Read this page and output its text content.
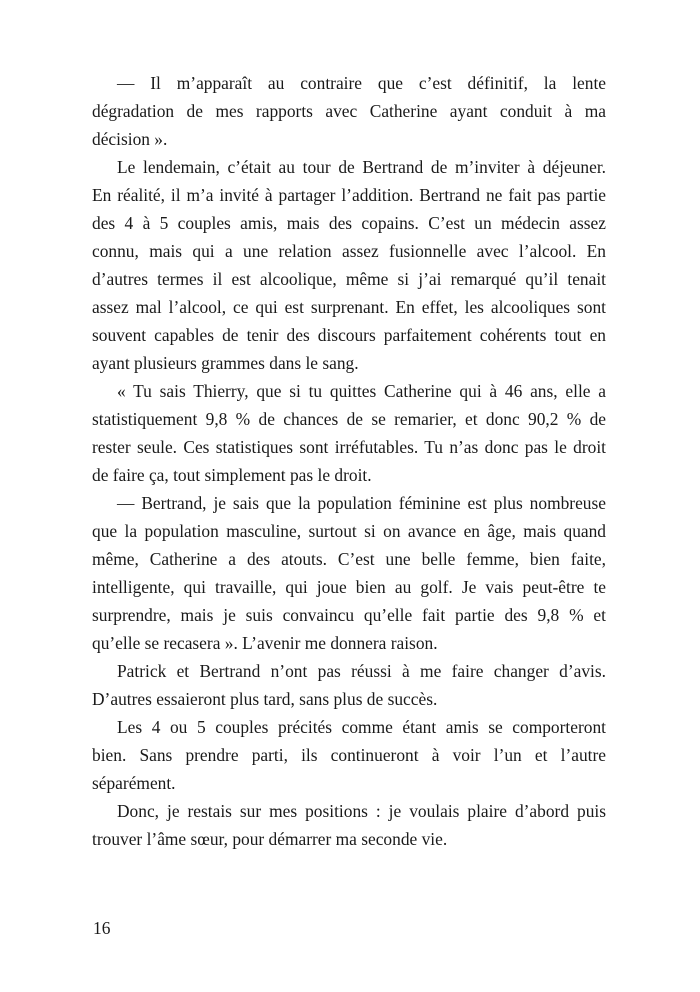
— Il m’apparaît au contraire que c’est définitif, la lente
dégradation de mes rapports avec Catherine ayant conduit à ma
décision ».
Le lendemain, c’était au tour de Bertrand de m’inviter à déjeuner.
En réalité, il m’a invité à partager l’addition. Bertrand ne fait pas partie
des 4 à 5 couples amis, mais des copains. C’est un médecin assez
connu, mais qui a une relation assez fusionnelle avec l’alcool. En
d’autres termes il est alcoolique, même si j’ai remarqué qu’il tenait
assez mal l’alcool, ce qui est surprenant. En effet, les alcooliques sont
souvent capables de tenir des discours parfaitement cohérents tout en
ayant plusieurs grammes dans le sang.
« Tu sais Thierry, que si tu quittes Catherine qui à 46 ans, elle a
statistiquement 9,8 % de chances de se remarier, et donc 90,2 % de
rester seule. Ces statistiques sont irréfutables. Tu n’as donc pas le droit
de faire ça, tout simplement pas le droit.
— Bertrand, je sais que la population féminine est plus nombreuse
que la population masculine, surtout si on avance en âge, mais quand
même, Catherine a des atouts. C’est une belle femme, bien faite,
intelligente, qui travaille, qui joue bien au golf. Je vais peut-être te
surprendre, mais je suis convaincu qu’elle fait partie des 9,8 % et
qu’elle se recasera ». L’avenir me donnera raison.
Patrick et Bertrand n’ont pas réussi à me faire changer d’avis.
D’autres essaieront plus tard, sans plus de succès.
Les 4 ou 5 couples précités comme étant amis se comporteront
bien. Sans prendre parti, ils continueront à voir l’un et l’autre
séparément.
Donc, je restais sur mes positions : je voulais plaire d’abord puis
trouver l’âme sœur, pour démarrer ma seconde vie.
16
